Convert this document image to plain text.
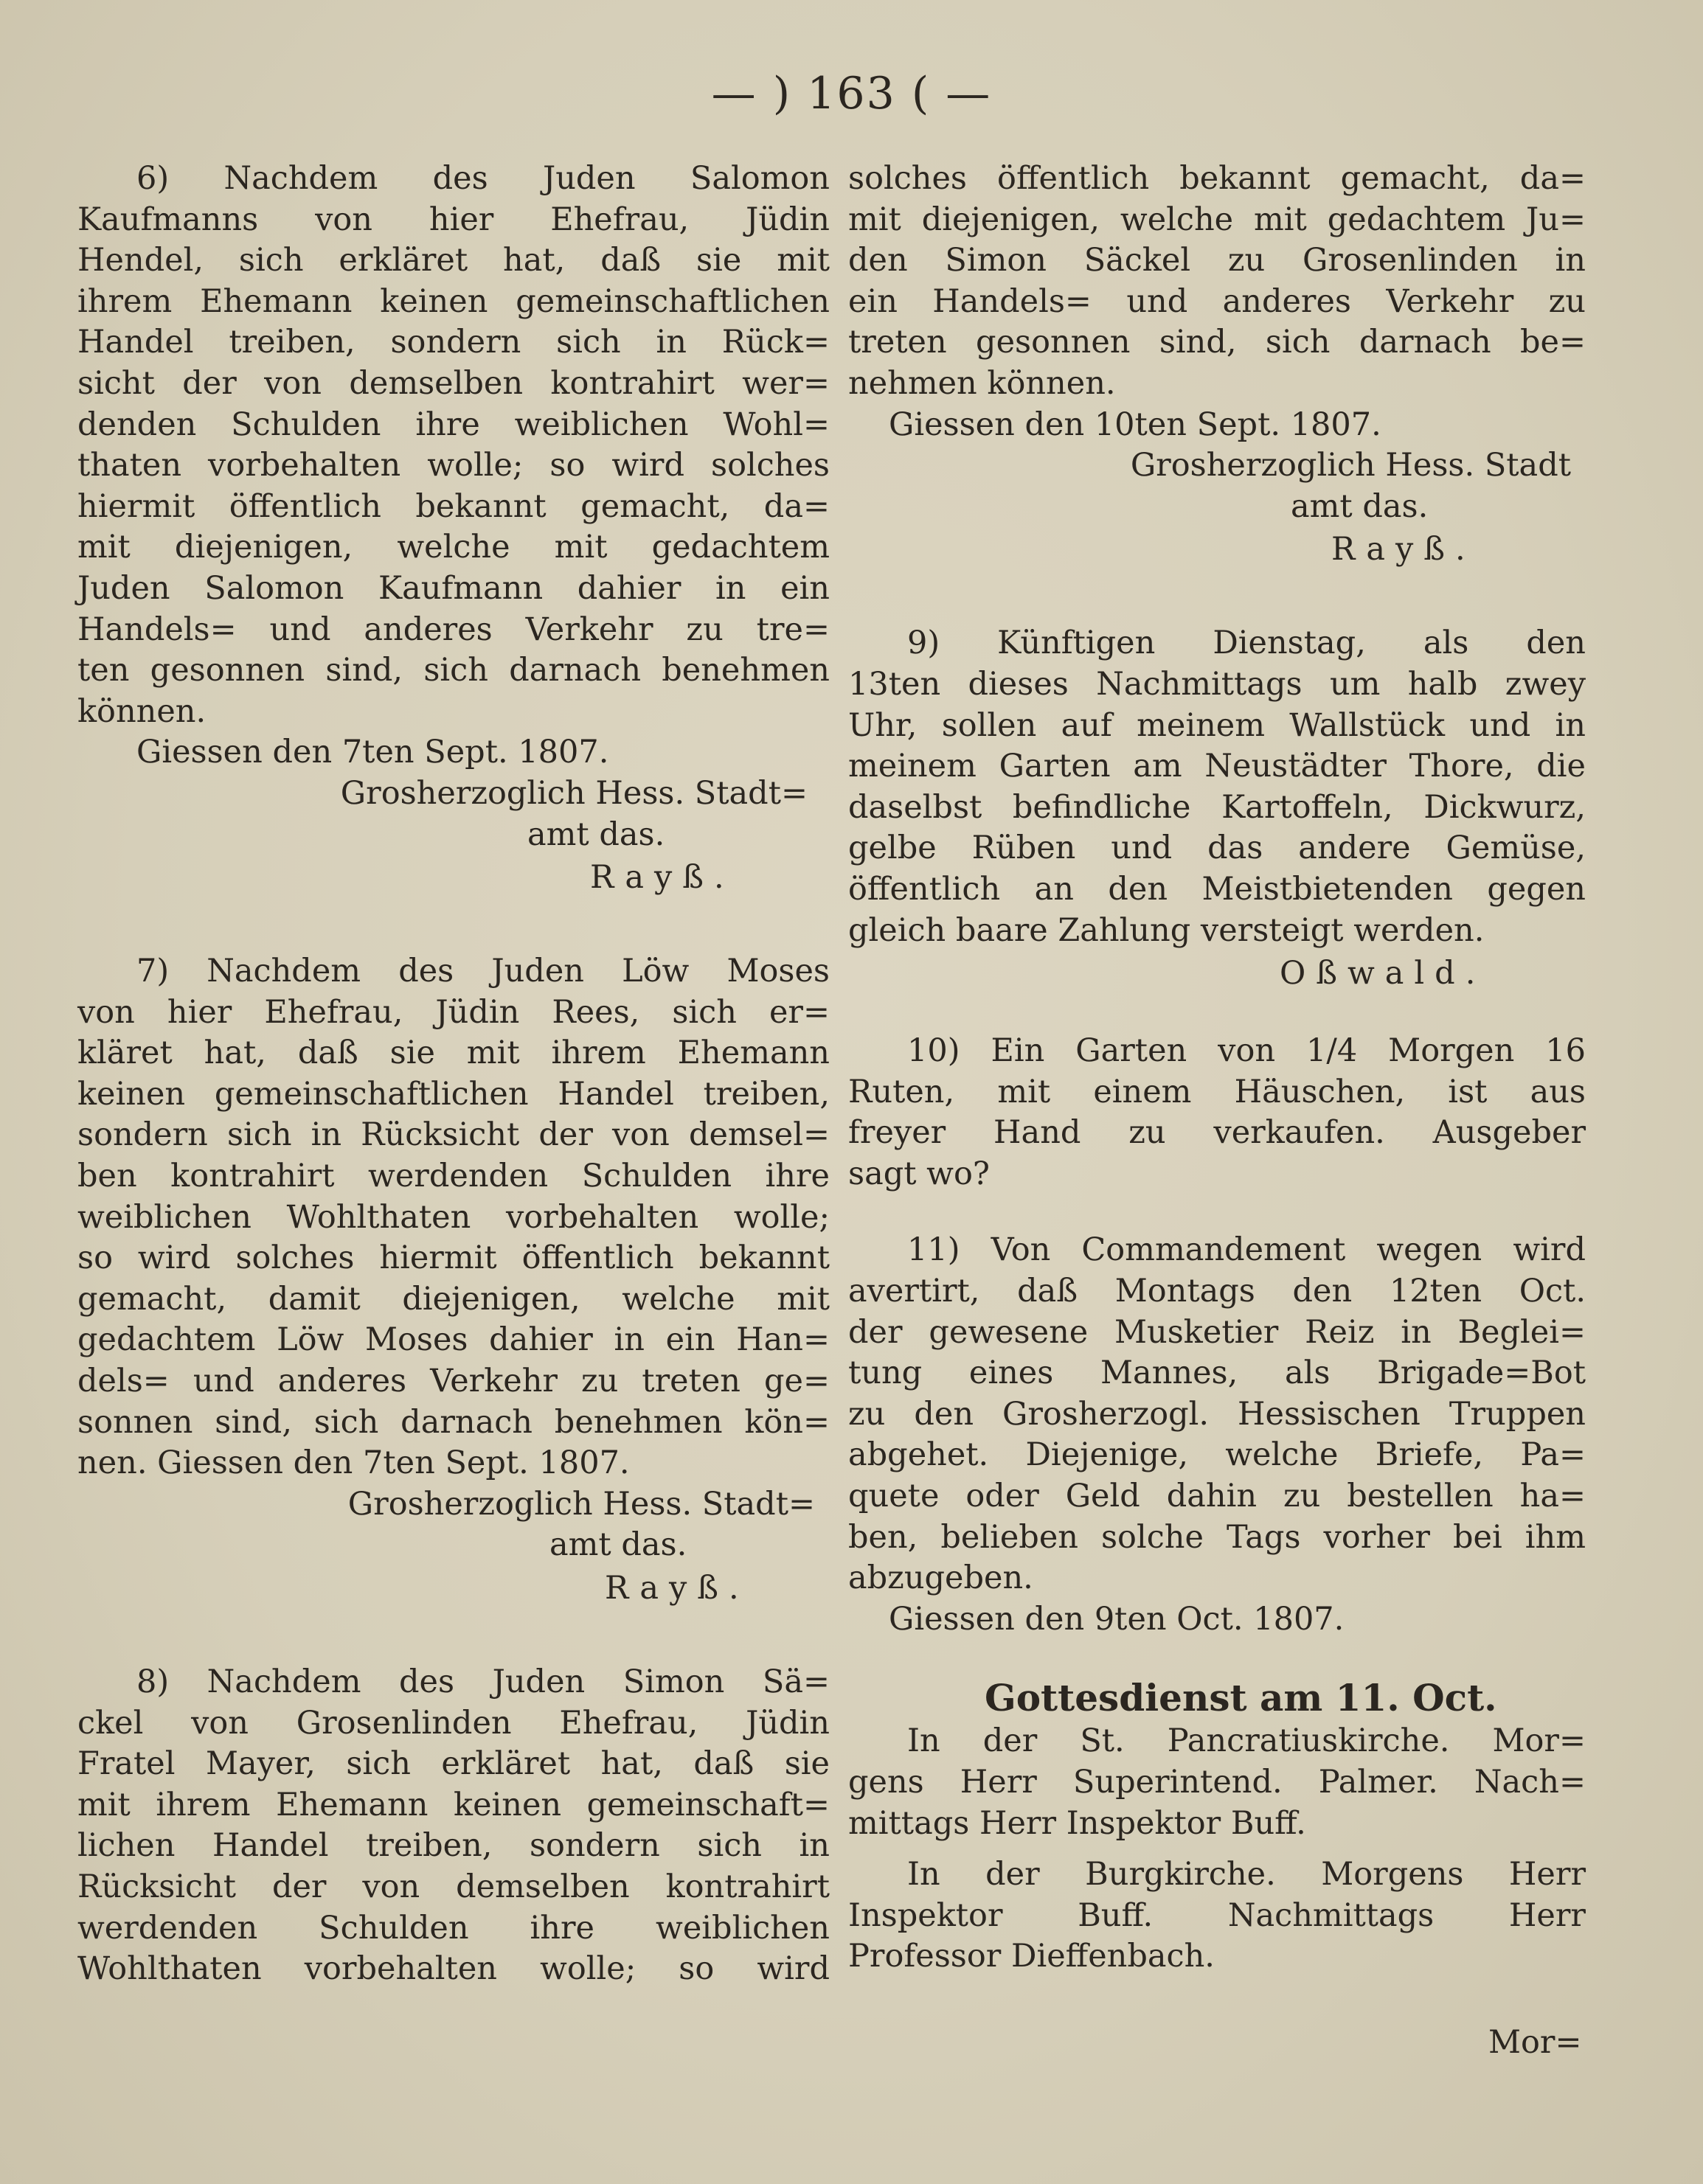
— ) 163 ( —
6) Nachdem des Juden Salomon
Kaufmanns von hier Ehefrau, Jüdin
Hendel, sich erkläret hat, daß sie mit
ihrem Ehemann keinen gemeinschaftlichen
Handel treiben, sondern sich in Rück=
sicht der von demselben kontrahirt wer=
denden Schulden ihre weiblichen Wohl=
thaten vorbehalten wolle; so wird solches
hiermit öffentlich bekannt gemacht, da=
mit diejenigen, welche mit gedachtem
Juden Salomon Kaufmann dahier in ein
Handels= und anderes Verkehr zu tre=
ten gesonnen sind, sich darnach benehmen
können.
Giessen den 7ten Sept. 1807.
Grosherzoglich Hess. Stadt=
amt das.
Rayß.
7) Nachdem des Juden Löw Moses
von hier Ehefrau, Jüdin Rees, sich er=
kläret hat, daß sie mit ihrem Ehemann
keinen gemeinschaftlichen Handel treiben,
sondern sich in Rücksicht der von demsel=
ben kontrahirt werdenden Schulden ihre
weiblichen Wohlthaten vorbehalten wolle;
so wird solches hiermit öffentlich bekannt
gemacht, damit diejenigen, welche mit
gedachtem Löw Moses dahier in ein Han=
dels= und anderes Verkehr zu treten ge=
sonnen sind, sich darnach benehmen kön=
nen. Giessen den 7ten Sept. 1807.
Grosherzoglich Hess. Stadt=
amt das.
Rayß.
8) Nachdem des Juden Simon Sä=
ckel von Grosenlinden Ehefrau, Jüdin
Fratel Mayer, sich erkläret hat, daß sie
mit ihrem Ehemann keinen gemeinschaft=
lichen Handel treiben, sondern sich in
Rücksicht der von demselben kontrahirt
werdenden Schulden ihre weiblichen
Wohlthaten vorbehalten wolle; so wird
solches öffentlich bekannt gemacht, da=
mit diejenigen, welche mit gedachtem Ju=
den Simon Säckel zu Grosenlinden in
ein Handels= und anderes Verkehr zu
treten gesonnen sind, sich darnach be=
nehmen können.
Giessen den 10ten Sept. 1807.
Grosherzoglich Hess. Stadt
amt das.
Rayß.
9) Künftigen Dienstag, als den
13ten dieses Nachmittags um halb zwey
Uhr, sollen auf meinem Wallstück und in
meinem Garten am Neustädter Thore, die
daselbst befindliche Kartoffeln, Dickwurz,
gelbe Rüben und das andere Gemüse,
öffentlich an den Meistbietenden gegen
gleich baare Zahlung versteigt werden.
Oßwald.
10) Ein Garten von 1/4 Morgen 16
Ruten, mit einem Häuschen, ist aus
freyer Hand zu verkaufen. Ausgeber
sagt wo?
11) Von Commandement wegen wird
avertirt, daß Montags den 12ten Oct.
der gewesene Musketier Reiz in Beglei=
tung eines Mannes, als Brigade=Bot
zu den Grosherzogl. Hessischen Truppen
abgehet. Diejenige, welche Briefe, Pa=
quete oder Geld dahin zu bestellen ha=
ben, belieben solche Tags vorher bei ihm
abzugeben.
Giessen den 9ten Oct. 1807.
Gottesdienst am 11. Oct.
In der St. Pancratiuskirche. Mor=
gens Herr Superintend. Palmer. Nach=
mittags Herr Inspektor Buff.
In der Burgkirche. Morgens Herr
Inspektor Buff. Nachmittags Herr
Professor Dieffenbach.
Mor=
